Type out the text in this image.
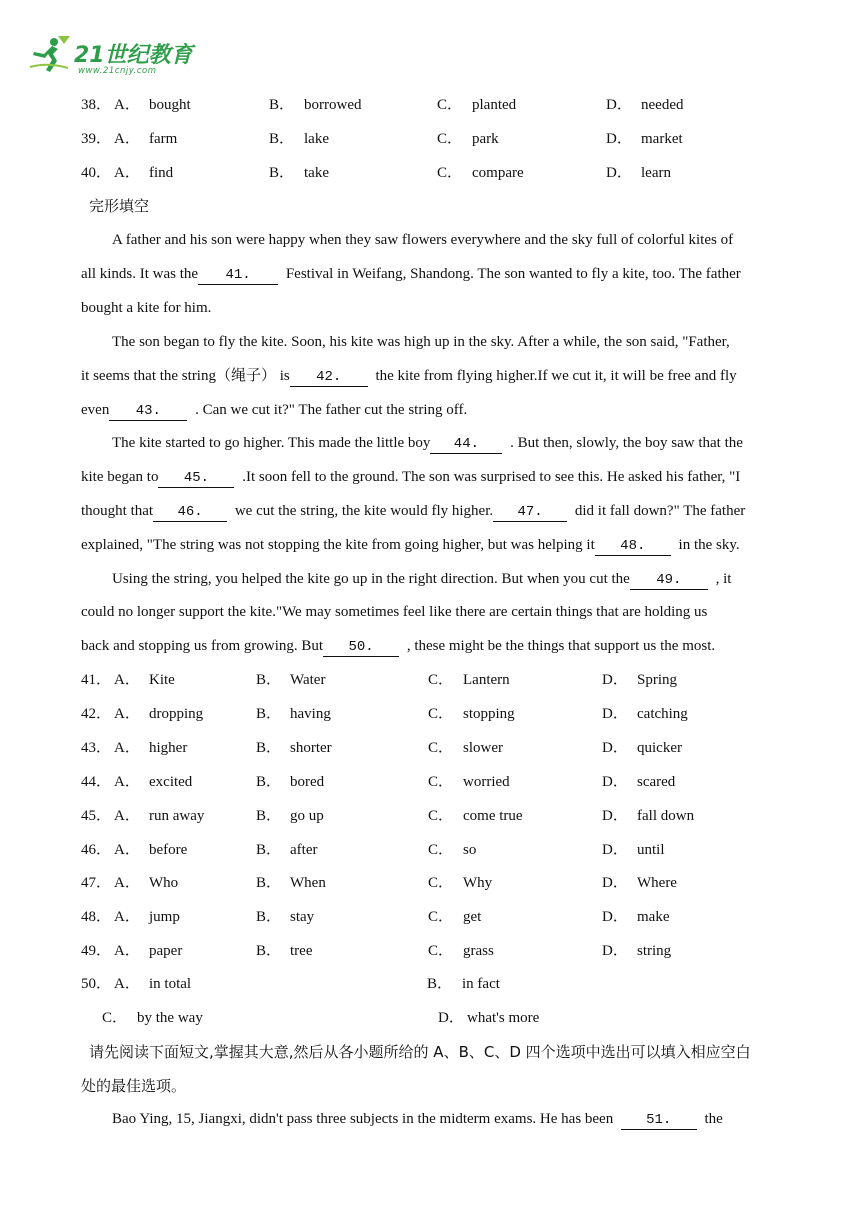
21世纪教育
www.21cnjy.com
38． A． bought	B． borrowed	C． planted	D． needed
39． A． farm	B． lake	C． park	D． market
40． A． find	B． take	C． compare	D． learn
完形填空
A father and his son were happy when they saw flowers everywhere and the sky full of colorful kites of
all kinds. It was the 41. Festival in Weifang, Shandong. The son wanted to fly a kite, too. The father
bought a kite for him.
The son began to fly the kite. Soon, his kite was high up in the sky. After a while, the son said, "Father,
it seems that the string（绳子） is 42. the kite from flying higher.If we cut it, it will be free and fly
even 43. . Can we cut it?" The father cut the string off.
The kite started to go higher. This made the little boy 44. . But then, slowly, the boy saw that the
kite began to 45. .It soon fell to the ground. The son was surprised to see this. He asked his father, "I
thought that 46. we cut the string, the kite would fly higher. 47. did it fall down?" The father
explained, "The string was not stopping the kite from going higher, but was helping it 48. in the sky.
Using the string, you helped the kite go up in the right direction. But when you cut the 49. , it
could no longer support the kite."We may sometimes feel like there are certain things that are holding us
back and stopping us from growing. But 50. , these might be the things that support us the most.
41． A． Kite	B． Water	C． Lantern	D． Spring
42． A． dropping	B． having	C． stopping	D． catching
43． A． higher	B． shorter	C． slower	D． quicker
44． A． excited	B． bored	C． worried	D． scared
45． A． run away	B． go up	C． come true	D． fall down
46． A． before	B． after	C． so	D． until
47． A． Who	B． When	C． Why	D． Where
48． A． jump	B． stay	C． get	D． make
49． A． paper	B． tree	C． grass	D． string
50． A． in total	B． in fact
C． by the way	D． what's more
请先阅读下面短文,掌握其大意,然后从各小题所给的 A、B、C、D 四个选项中选出可以填入相应空白
处的最佳选项。
Bao Ying, 15, Jiangxi, didn't pass three subjects in the midterm exams. He has been 51. the
